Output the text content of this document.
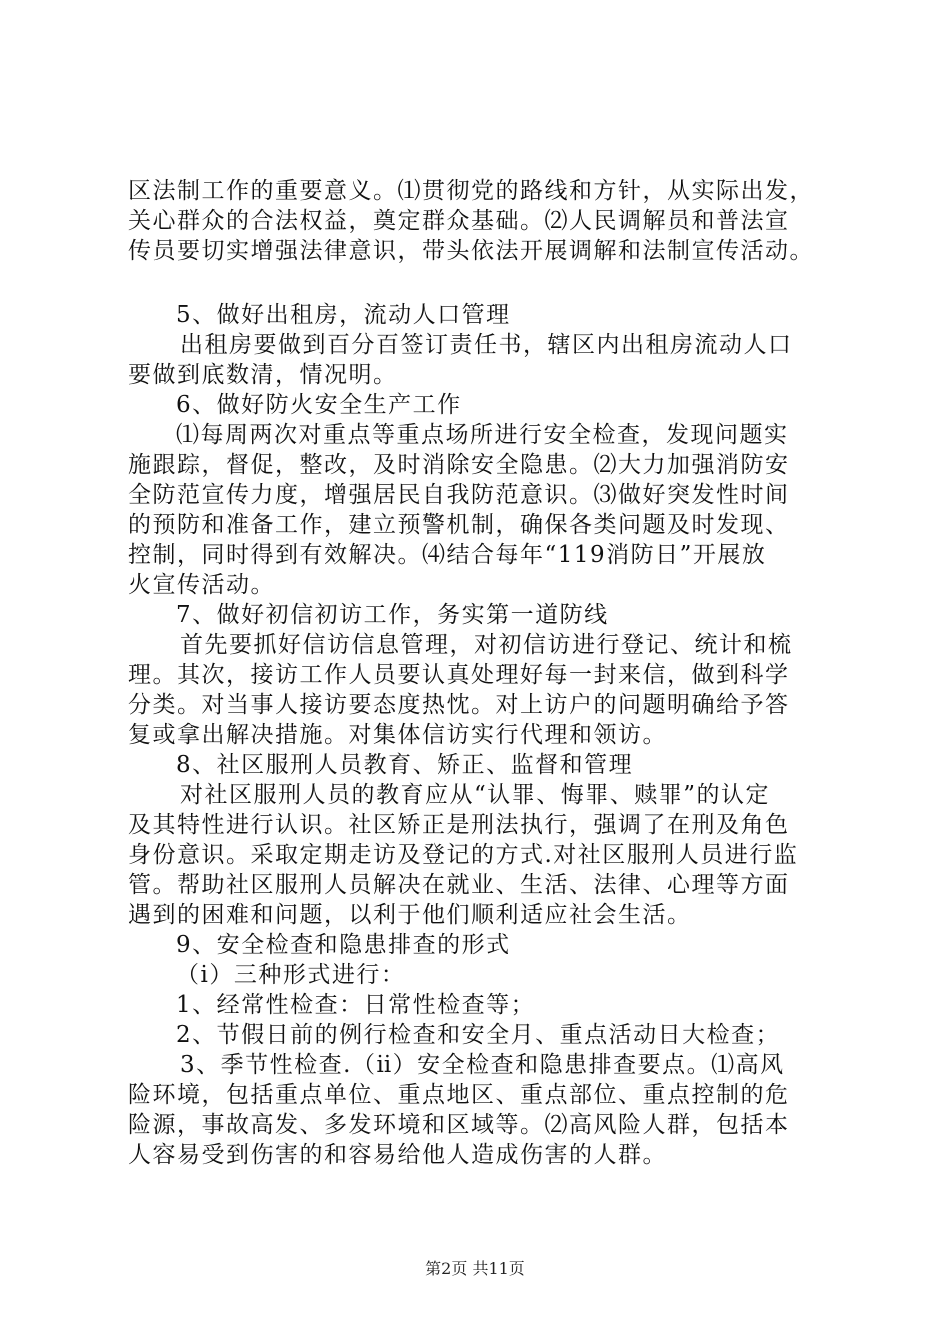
区法制工作的重要意义。⑴贯彻党的路线和方针，从实际出发，
关心群众的合法权益，奠定群众基础。⑵人民调解员和普法宣
传员要切实增强法律意识，带头依法开展调解和法制宣传活动。
5、做好出租房，流动人口管理
出租房要做到百分百签订责任书，辖区内出租房流动人口
要做到底数清，情况明。
6、做好防火安全生产工作
⑴每周两次对重点等重点场所进行安全检查，发现问题实
施跟踪，督促，整改，及时消除安全隐患。⑵大力加强消防安
全防范宣传力度，增强居民自我防范意识。⑶做好突发性时间
的预防和准备工作，建立预警机制，确保各类问题及时发现、
控制，同时得到有效解决。⑷结合每年“119消防日”开展放
火宣传活动。
7、做好初信初访工作，务实第一道防线
首先要抓好信访信息管理，对初信访进行登记、统计和梳
理。其次，接访工作人员要认真处理好每一封来信，做到科学
分类。对当事人接访要态度热忱。对上访户的问题明确给予答
复或拿出解决措施。对集体信访实行代理和领访。
8、社区服刑人员教育、矫正、监督和管理
对社区服刑人员的教育应从“认罪、悔罪、赎罪”的认定
及其特性进行认识。社区矫正是刑法执行，强调了在刑及角色
身份意识。采取定期走访及登记的方式.对社区服刑人员进行监
管。帮助社区服刑人员解决在就业、生活、法律、心理等方面
遇到的困难和问题，以利于他们顺利适应社会生活。
9、安全检查和隐患排查的形式
（ⅰ）三种形式进行：
1、经常性检查：日常性检查等；
2、节假日前的例行检查和安全月、重点活动日大检查；
3、季节性检查.（ⅱ）安全检查和隐患排查要点。⑴高风
险环境，包括重点单位、重点地区、重点部位、重点控制的危
险源，事故高发、多发环境和区域等。⑵高风险人群，包括本
人容易受到伤害的和容易给他人造成伤害的人群。
第2页 共11页
